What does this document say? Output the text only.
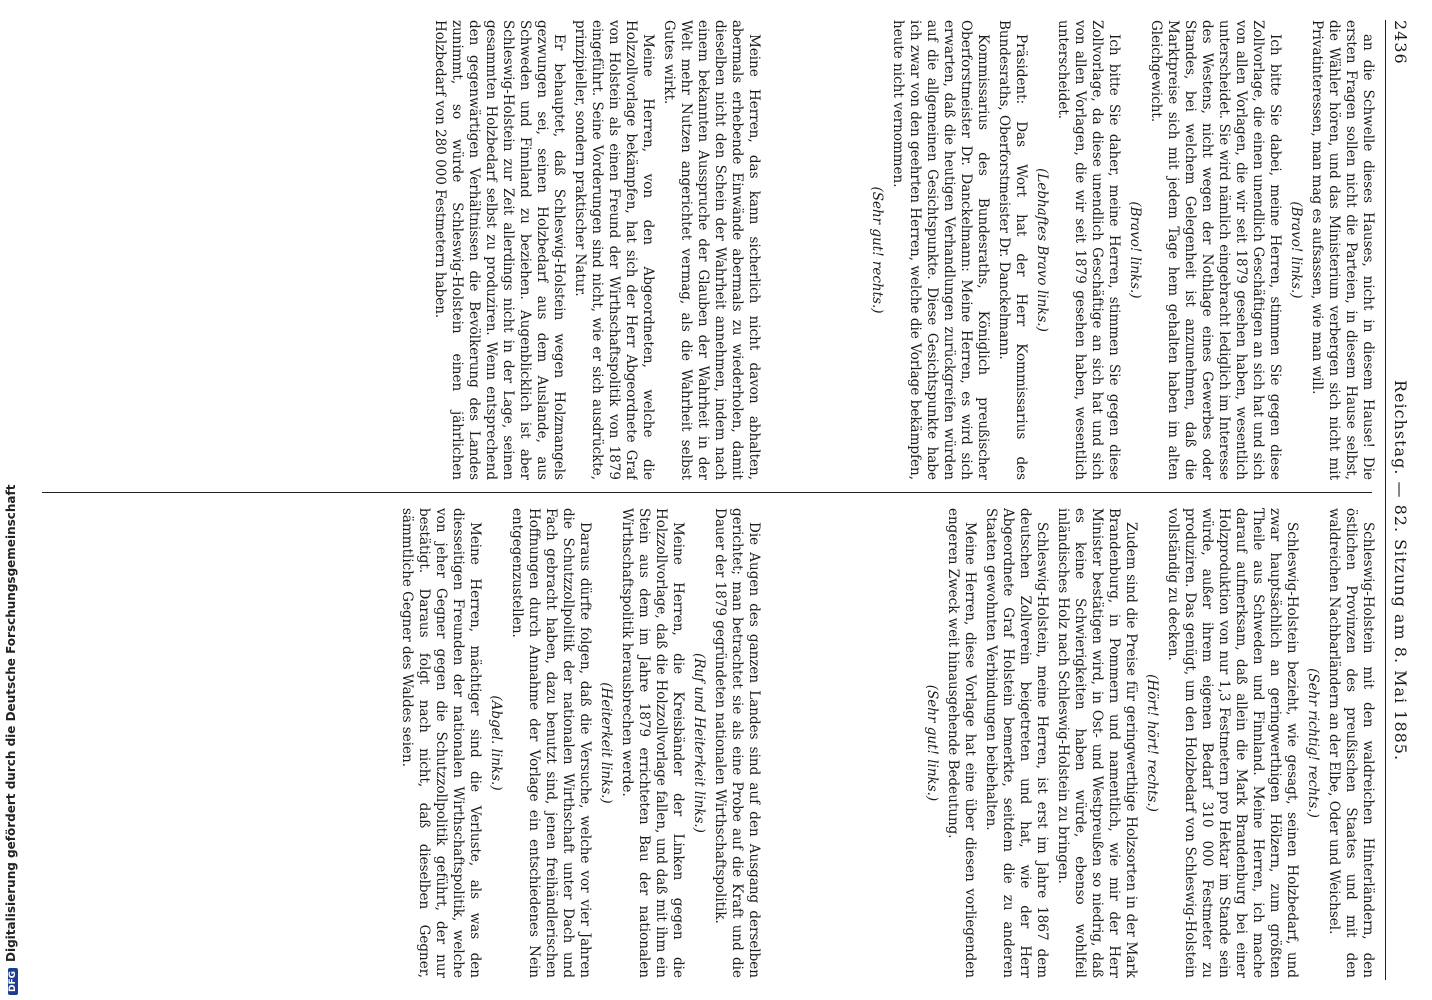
2436
Reichstag. — 82. Sitzung am 8. Mai 1885.

an die Schwelle dieses Hauses, nicht in diesem Hause! Die ersten Fragen sollen nicht die Parteien, in diesem Hause selbst, die Wähler hören, und das Ministerium verbergen sich nicht mit Privatinteressen, man mag es aufsassen, wie man will.

(Bravo! links.)

Ich bitte Sie dabei, meine Herren, stimmen Sie gegen diese Zollvorlage, die einen unendlich Geschäftigen an sich hat und sich von allen Vorlagen, die wir seit 1879 gesehen haben, wesentlich unterscheidet. Sie wird nämlich eingebracht lediglich im Interesse des Westens, nicht wegen der Nothlage eines Gewerbes oder Standes, bei welchem Gelegenheit ist anzunehmen, daß die Marktpreise sich mit jedem Tage hem gehalten haben im alten Gleichgewicht.

(Bravo! links.)

Ich bitte Sie daher, meine Herren, stimmen Sie gegen diese Zollvorlage, da diese unendlich Geschäftige an sich hat und sich von allen Vorlagen, die wir seit 1879 gesehen haben, wesentlich unterscheidet.

(Lebhaftes Bravo links.)

Präsident: Das Wort hat der Herr Kommissarius des Bundesraths, Oberforstmeister Dr. Danckelmann.

Kommissarius des Bundesraths, Königlich preußischer Oberforstmeister Dr. Danckelmann: Meine Herren, es wird sich erwarten, daß die heutigen Verhandlungen zurückgreifen würden auf die allgemeinen Gesichtspunkte. Diese Gesichtspunkte habe ich zwar von den geehrten Herren, welche die Vorlage bekämpfen, heute nicht vernommen.

(Sehr gut! rechts.)

Meine Herren, das kann sicherlich nicht davon abhalten, abermals erhebende Einwände abermals zu wiederholen, damit dieselben nicht den Schein der Wahrheit annehmen, indem nach einem bekannten Ausspruche der Glauben der Wahrheit in der Welt mehr Nutzen angerichtet vermag, als die Wahrheit selbst Gutes wirkt.

Meine Herren, von den Abgeordneten, welche die Holzzollvorlage bekämpfen, hat sich der Herr Abgeordnete Graf von Holstein als einen Freund der Wirthschaftspolitik von 1879 eingeführt. Seine Vorderungen sind nicht, wie er sich ausdrückte, prinzipieller, sondern praktischer Natur.

Er behauptet, daß Schleswig-Holstein wegen Holzmangels gezwungen sei, seinen Holzbedarf aus dem Auslande, aus Schweden und Finnland zu beziehen. Augenblicklich ist aber Schleswig-Holstein zur Zeit allerdings nicht in der Lage, seinen gesammten Holzbedarf selbst zu produziren. Wenn entsprechend den gegenwärtigen Verhältnissen die Bevölkerung des Landes zunimmt, so würde Schleswig-Holstein einen jährlichen Holzbedarf von 280 000 Festmetern haben.

Schleswig-Holstein mit den waldreichen Hinterländern, den östlichen Provinzen des preußischen Staates und mit den waldreichen Nachbarländern an der Elbe, Oder und Weichsel.

(Sehr richtig! rechts.)

Schleswig-Holstein bezieht, wie gesagt, seinen Holzbedarf, und zwar hauptsächlich an geringwerthigen Hölzern, zum größten Theile aus Schweden und Finnland. Meine Herren, ich mache darauf aufmerksam, daß allein die Mark Brandenburg bei einer Holzproduktion von nur 1,3 Festmetern pro Hektar im Stande sein würde, außer ihrem eigenen Bedarf 310 000 Festmeter zu produziren. Das genügt, um den Holzbedarf von Schleswig-Holstein vollständig zu decken.

(Hört! hört! rechts.)

Zudem sind die Preise für geringwerthige Holzsorten in der Mark Brandenburg, in Pommern und namentlich, wie mir der Herr Minister bestätigen wird, in Ost- und Westpreußen so niedrig, daß es keine Schwierigkeiten haben würde, ebenso wohlfeil inländisches Holz nach Schleswig-Holstein zu bringen.

Schleswig-Holstein, meine Herren, ist erst im Jahre 1867 dem deutschen Zollverein beigetreten und hat, wie der Herr Abgeordnete Graf Holstein bemerkte, seitdem die zu anderen Staaten gewohnten Verbindungen beibehalten.

Meine Herren, diese Vorlage hat eine über diesen vorliegenden engeren Zweck weit hinausgehende Bedeutung.

(Sehr gut! links.)

Die Augen des ganzen Landes sind auf den Ausgang derselben gerichtet; man betrachtet sie als eine Probe auf die Kraft und die Dauer der 1879 gegründeten nationalen Wirthschaftspolitik.

(Ruf und Heiterkeit links.)

Meine Herren, die Kreisbänder der Linken gegen die Holzzollvorlage, daß die Holzzollvorlage fallen, und daß mit ihm ein Stein aus dem im Jahre 1879 errichteten Bau der nationalen Wirthschaftspolitik herausbrechen werde.

(Heiterkeit links.)

Daraus dürfte folgen, daß die Versuche, welche vor vier Jahren die Schutzzollpolitik der nationalen Wirthschaft unter Dach und Fach gebracht haben, dazu benutzt sind, jenen freihändlerischen Hoffnungen durch Annahme der Vorlage ein entschiedenes Nein entgegenzustellen.

(Abgel. links.)

Meine Herren, mächtiger sind die Verluste, als was den diesseitigen Freunden der nationalen Wirthschaftspolitik, welche von jeher Gegner gegen die Schutzzollpolitik geführt, der nur bestätigt. Daraus folgt nach nicht, daß dieselben Gegner, sämmtliche Gegner des Waldes seien.

DFGDigitalisierung gefördert durch die Deutsche Forschungsgemeinschaft
